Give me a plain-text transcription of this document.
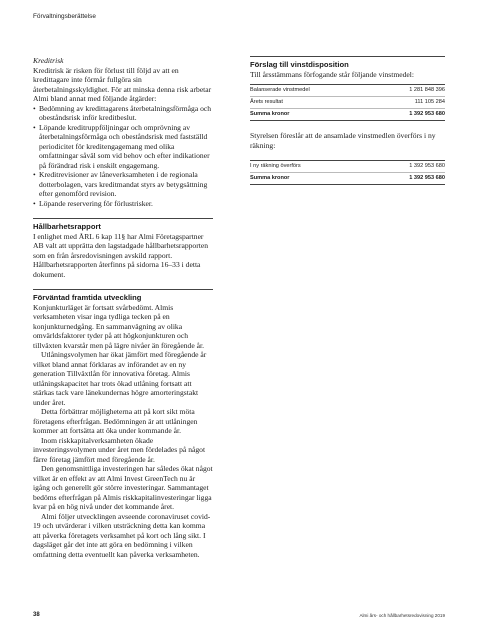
Förvaltningsberättelse

Kreditrisk

Kreditrisk är risken för förlust till följd av att en kredittagare inte förmår fullgöra sin återbetalningsskyldighet. För att minska denna risk arbetar Almi bland annat med följande åtgärder:

• Bedömning av kredittagarens återbetalningsförmåga och obeståndsrisk inför kreditbeslut.
• Löpande kreditruppföljningar och omprövning av återbetalningsförmåga och obeståndsrisk med fastställd periodicitet för kreditengagemang med olika omfattningar såväl som vid behov och efter indikationer på förändrad risk i enskilt engagemang.
• Kreditrevisioner av låneverksamheten i de regionala dotterbolagen, vars kreditmandat styrs av betygsättning efter genomförd revision.
• Löpande reservering för förlustrisker.

Hållbarhetsrapport

I enlighet med ÅRL 6 kap 11§ har Almi Företagspartner AB valt att upprätta den lagstadgade hållbarhetsrapporten som en från årsredovisningen avskild rapport. Hållbarhetsrapporten återfinns på sidorna 16–33 i detta dokument.

Förväntad framtida utveckling

Konjunkturläget är fortsatt svårbedömt. Almis verksamheten visar inga tydliga tecken på en konjunkturnedgång. En sammanvägning av olika omvärldsfaktorer tyder på att högkonjunkturen och tillväxten kvarstår men på lägre nivåer än föregående år.

Utlåningsvolymen har ökat jämfört med föregående år vilket bland annat förklaras av införandet av en ny generation Tillväxtlån för innovativa företag. Almis utlåningskapacitet har trots ökad utlåning fortsatt att stärkas tack vare länekundernas högre amorteringstakt under året.

Detta förbättrar möjligheterna att på kort sikt möta företagens efterfrågan. Bedömningen är att utlåningen kommer att fortsätta att öka under kommande år.

Inom riskkapitalverksamheten ökade investeringsvolymen under året men fördelades på något färre företag jämfört med föregående år.

Den genomsnittliga investeringen har således ökat något vilket är en effekt av att Almi Invest GreenTech nu är igång och generellt gör större investeringar. Sammantaget bedöms efterfrågan på Almis riskkapitalinvesteringar ligga kvar på en hög nivå under det kommande året.

Almi följer utvecklingen avseende coronaviruset covid-19 och utvärderar i vilken utsträckning detta kan komma att påverka företagets verksamhet på kort och lång sikt. I dagsläget går det inte att göra en bedömning i vilken omfattning detta eventuellt kan påverka verksamheten.

Förslag till vinstdisposition

Till årsstämmans förfogande står följande vinstmedel:

Balanserade vinstmedel	1 281 848 396
Årets resultat	111 105 284
Summa kronor	1 392 953 680

Styrelsen föreslår att de ansamlade vinstmedlen överförs i ny räkning:

I ny räkning överförs	1 392 953 680
Summa kronor	1 392 953 680
38	Almi års- och hållbarhetsredovisning 2019
